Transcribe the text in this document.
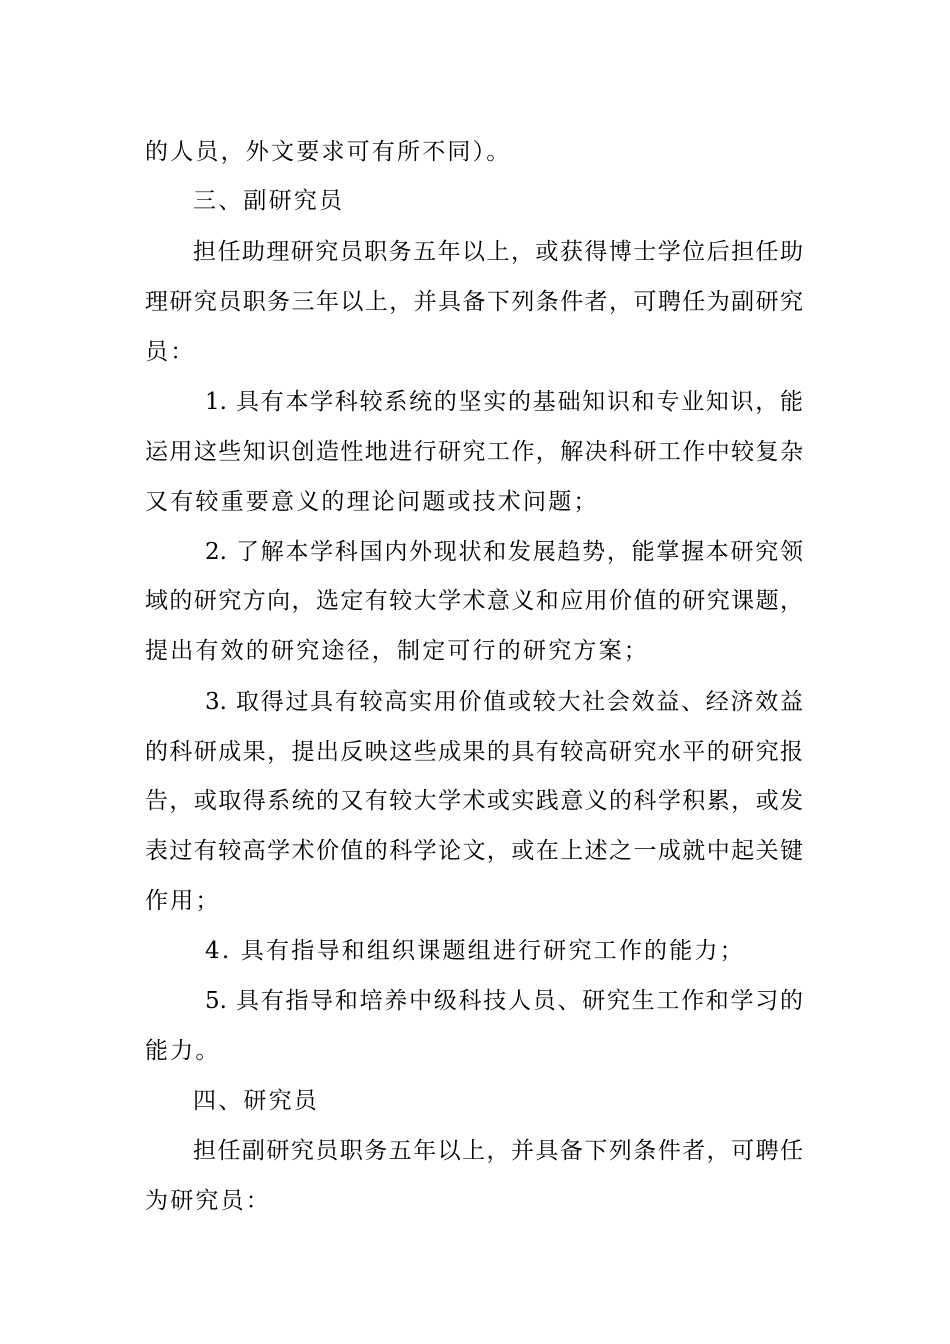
的人员，外文要求可有所不同）。
三、副研究员
担任助理研究员职务五年以上，或获得博士学位后担任助
理研究员职务三年以上，并具备下列条件者，可聘任为副研究
员：
1. 具有本学科较系统的坚实的基础知识和专业知识，能
运用这些知识创造性地进行研究工作，解决科研工作中较复杂
又有较重要意义的理论问题或技术问题；
2. 了解本学科国内外现状和发展趋势，能掌握本研究领
域的研究方向，选定有较大学术意义和应用价值的研究课题，
提出有效的研究途径，制定可行的研究方案；
3. 取得过具有较高实用价值或较大社会效益、经济效益
的科研成果，提出反映这些成果的具有较高研究水平的研究报
告，或取得系统的又有较大学术或实践意义的科学积累，或发
表过有较高学术价值的科学论文，或在上述之一成就中起关键
作用；
4. 具有指导和组织课题组进行研究工作的能力；
5. 具有指导和培养中级科技人员、研究生工作和学习的
能力。
四、研究员
担任副研究员职务五年以上，并具备下列条件者，可聘任
为研究员：
